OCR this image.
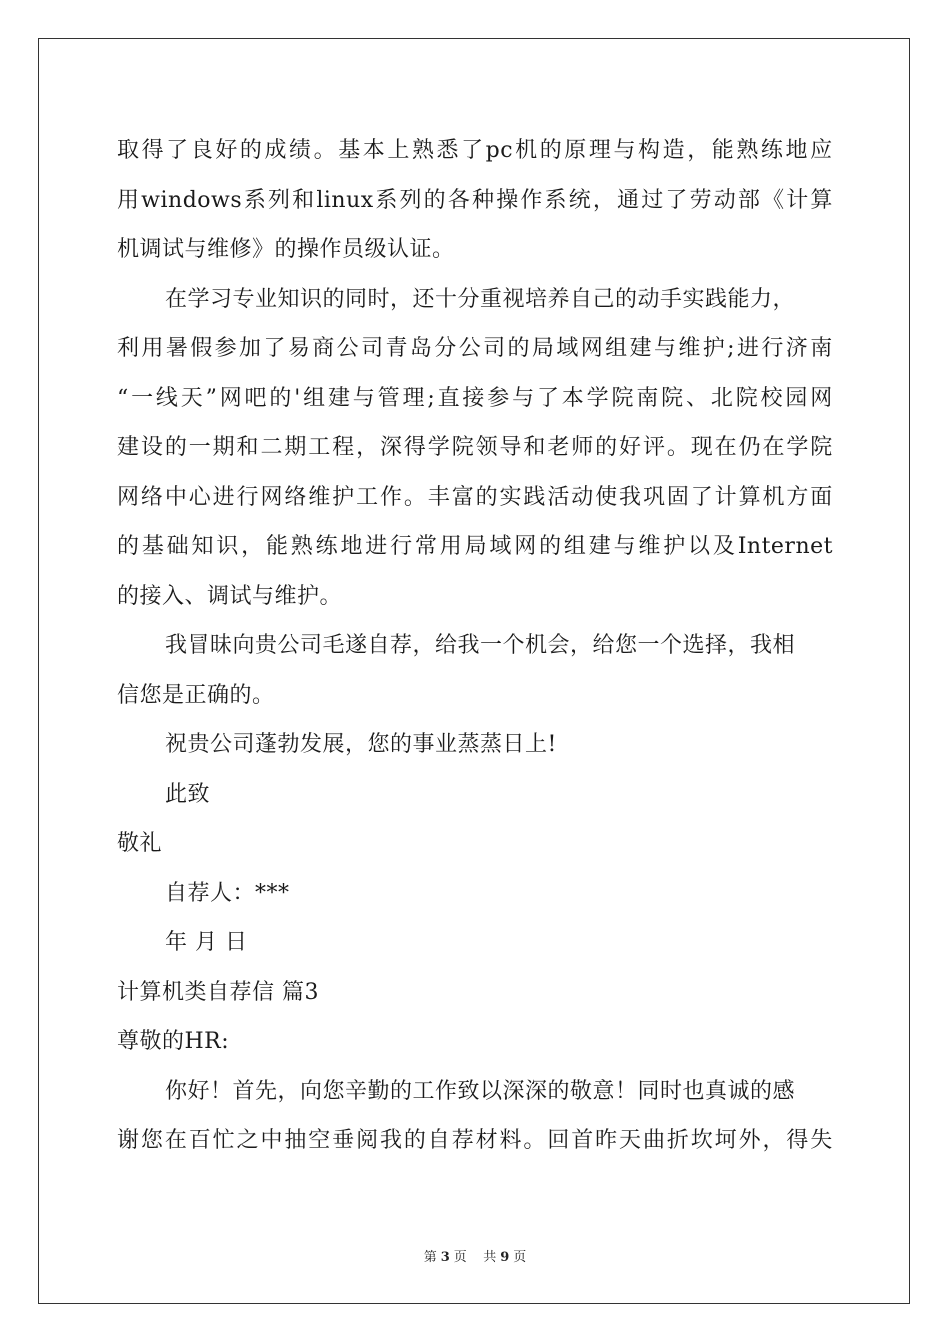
取 得 了 良 好 的 成 绩 。 基 本 上 熟 悉 了 pc 机 的 原 理 与 构 造 ， 能 熟 练 地 应
用 windows 系 列 和 linux 系 列 的 各 种 操 作 系 统 ， 通 过 了 劳 动 部 《 计 算
机调试与维修》的操作员级认证。
在学习专业知识的同时，还十分重视培养自己的动手实践能力，
利 用 暑 假 参 加 了 易 商 公 司 青 岛 分 公 司 的 局 域 网 组 建 与 维 护 ; 进 行 济 南
“ 一 线 天 ” 网 吧 的 ' 组 建 与 管 理 ; 直 接 参 与 了 本 学 院 南 院 、 北 院 校 园 网
建 设 的 一 期 和 二 期 工 程 ， 深 得 学 院 领 导 和 老 师 的 好 评 。 现 在 仍 在 学 院
网 络 中 心 进 行 网 络 维 护 工 作 。 丰 富 的 实 践 活 动 使 我 巩 固 了 计 算 机 方 面
的 基 础 知 识 ， 能 熟 练 地 进 行 常 用 局 域 网 的 组 建 与 维 护 以 及 Internet
的接入、调试与维护。
我冒昧向贵公司毛遂自荐，给我一个机会，给您一个选择，我相
信您是正确的。
祝贵公司蓬勃发展，您的事业蒸蒸日上!
此致
敬礼
自荐人：***
年 月 日
计算机类自荐信 篇3
尊敬的HR:
你好！首先，向您辛勤的工作致以深深的敬意！同时也真诚的感
谢 您 在 百 忙 之 中 抽 空 垂 阅 我 的 自 荐 材 料 。 回 首 昨 天 曲 折 坎 坷 外 ， 得 失
第 3 页 共 9 页
